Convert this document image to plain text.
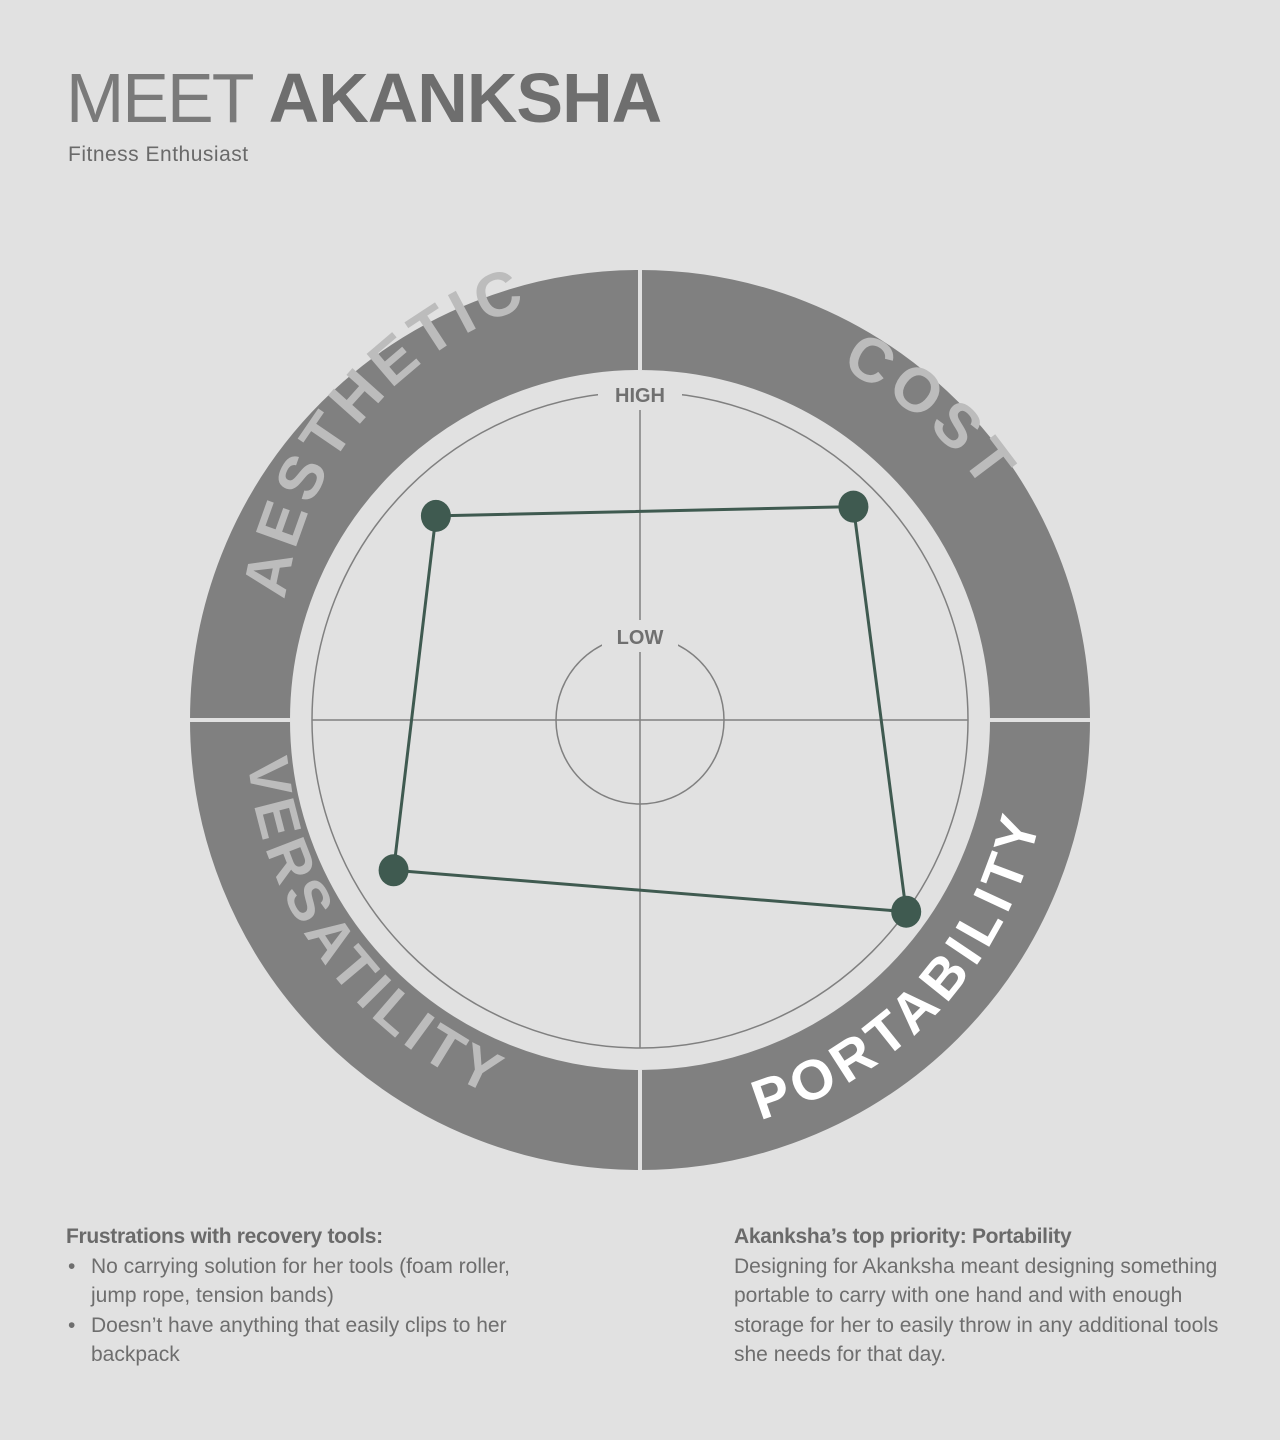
MEET AKANKSHA
Fitness Enthusiast
AESTHETIC
COST
PORTABILITY
VERSATILITY
HIGH
LOW
Frustrations with recovery tools:
• No carrying solution for her tools (foam roller, jump rope, tension bands)
• Doesn’t have anything that easily clips to her backpack
Akanksha’s top priority: Portability

Designing for Akanksha meant designing something portable to carry with one hand and with enough storage for her to easily throw in any additional tools she needs for that day.
